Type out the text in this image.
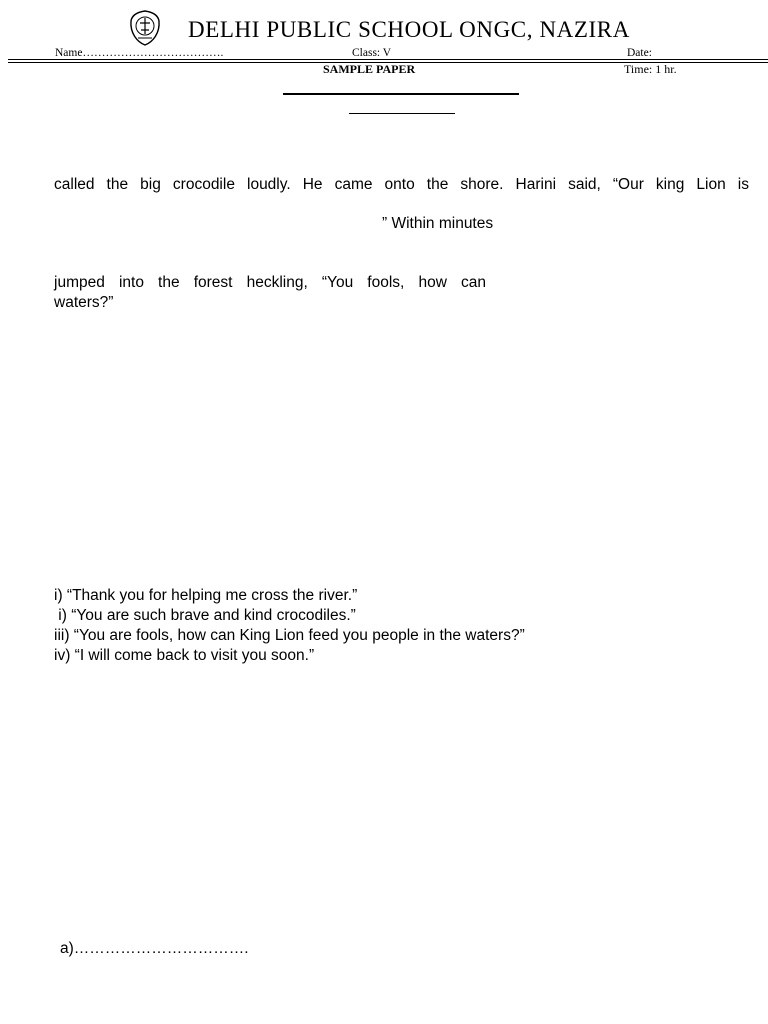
DELHI PUBLIC SCHOOL ONGC, NAZIRA
Name……………………………….	Class: V	Date:
SAMPLE PAPER	Time: 1 hr.
called the big crocodile loudly. He came onto the shore. Harini said, “Our king Lion is
” Within minutes
jumped into the forest heckling, “You fools, how can
waters?”
i) “Thank you for helping me cross the river.”
i) “You are such brave and kind crocodiles.”
iii) “You are fools, how can King Lion feed you people in the waters?”
iv) “I will come back to visit you soon.”
a)…………………………….
